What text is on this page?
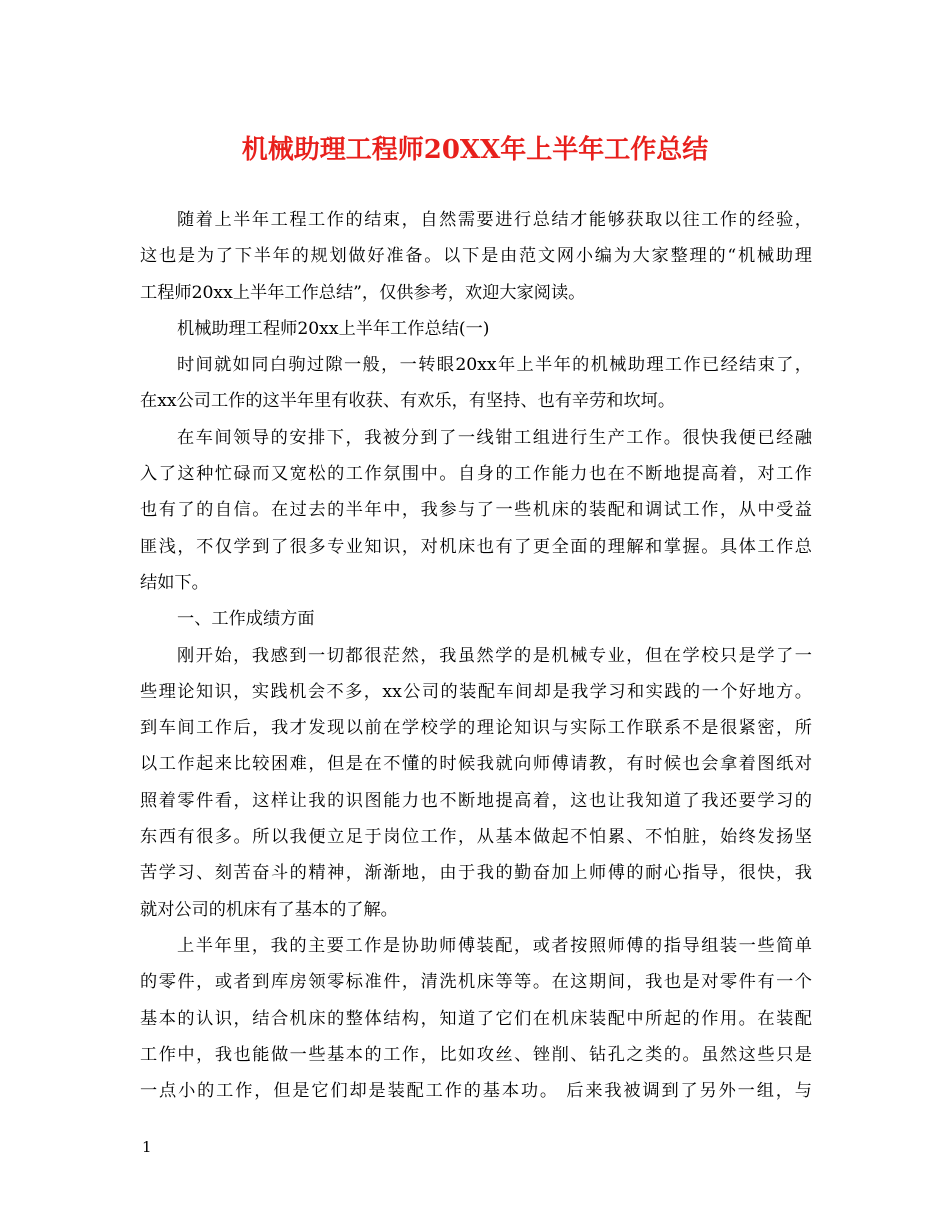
机械助理工程师20XX年上半年工作总结
随着上半年工程工作的结束，自然需要进行总结才能够获取以往工作的经验，
这也是为了下半年的规划做好准备。以下是由范文网小编为大家整理的“机械助理
工程师20xx上半年工作总结”，仅供参考，欢迎大家阅读。
机械助理工程师20xx上半年工作总结(一)
时间就如同白驹过隙一般，一转眼20xx年上半年的机械助理工作已经结束了，
在xx公司工作的这半年里有收获、有欢乐，有坚持、也有辛劳和坎坷。
在车间领导的安排下，我被分到了一线钳工组进行生产工作。很快我便已经融
入了这种忙碌而又宽松的工作氛围中。自身的工作能力也在不断地提高着，对工作
也有了的自信。在过去的半年中，我参与了一些机床的装配和调试工作，从中受益
匪浅，不仅学到了很多专业知识，对机床也有了更全面的理解和掌握。具体工作总
结如下。
一、工作成绩方面
刚开始，我感到一切都很茫然，我虽然学的是机械专业，但在学校只是学了一
些理论知识，实践机会不多，xx公司的装配车间却是我学习和实践的一个好地方。
到车间工作后，我才发现以前在学校学的理论知识与实际工作联系不是很紧密，所
以工作起来比较困难，但是在不懂的时候我就向师傅请教，有时候也会拿着图纸对
照着零件看，这样让我的识图能力也不断地提高着，这也让我知道了我还要学习的
东西有很多。所以我便立足于岗位工作，从基本做起不怕累、不怕脏，始终发扬坚
苦学习、刻苦奋斗的精神，渐渐地，由于我的勤奋加上师傅的耐心指导，很快，我
就对公司的机床有了基本的了解。
上半年里，我的主要工作是协助师傅装配，或者按照师傅的指导组装一些简单
的零件，或者到库房领零标准件，清洗机床等等。在这期间，我也是对零件有一个
基本的认识，结合机床的整体结构，知道了它们在机床装配中所起的作用。在装配
工作中，我也能做一些基本的工作，比如攻丝、锉削、钻孔之类的。虽然这些只是
一点小的工作，但是它们却是装配工作的基本功。 后来我被调到了另外一组，与
1
